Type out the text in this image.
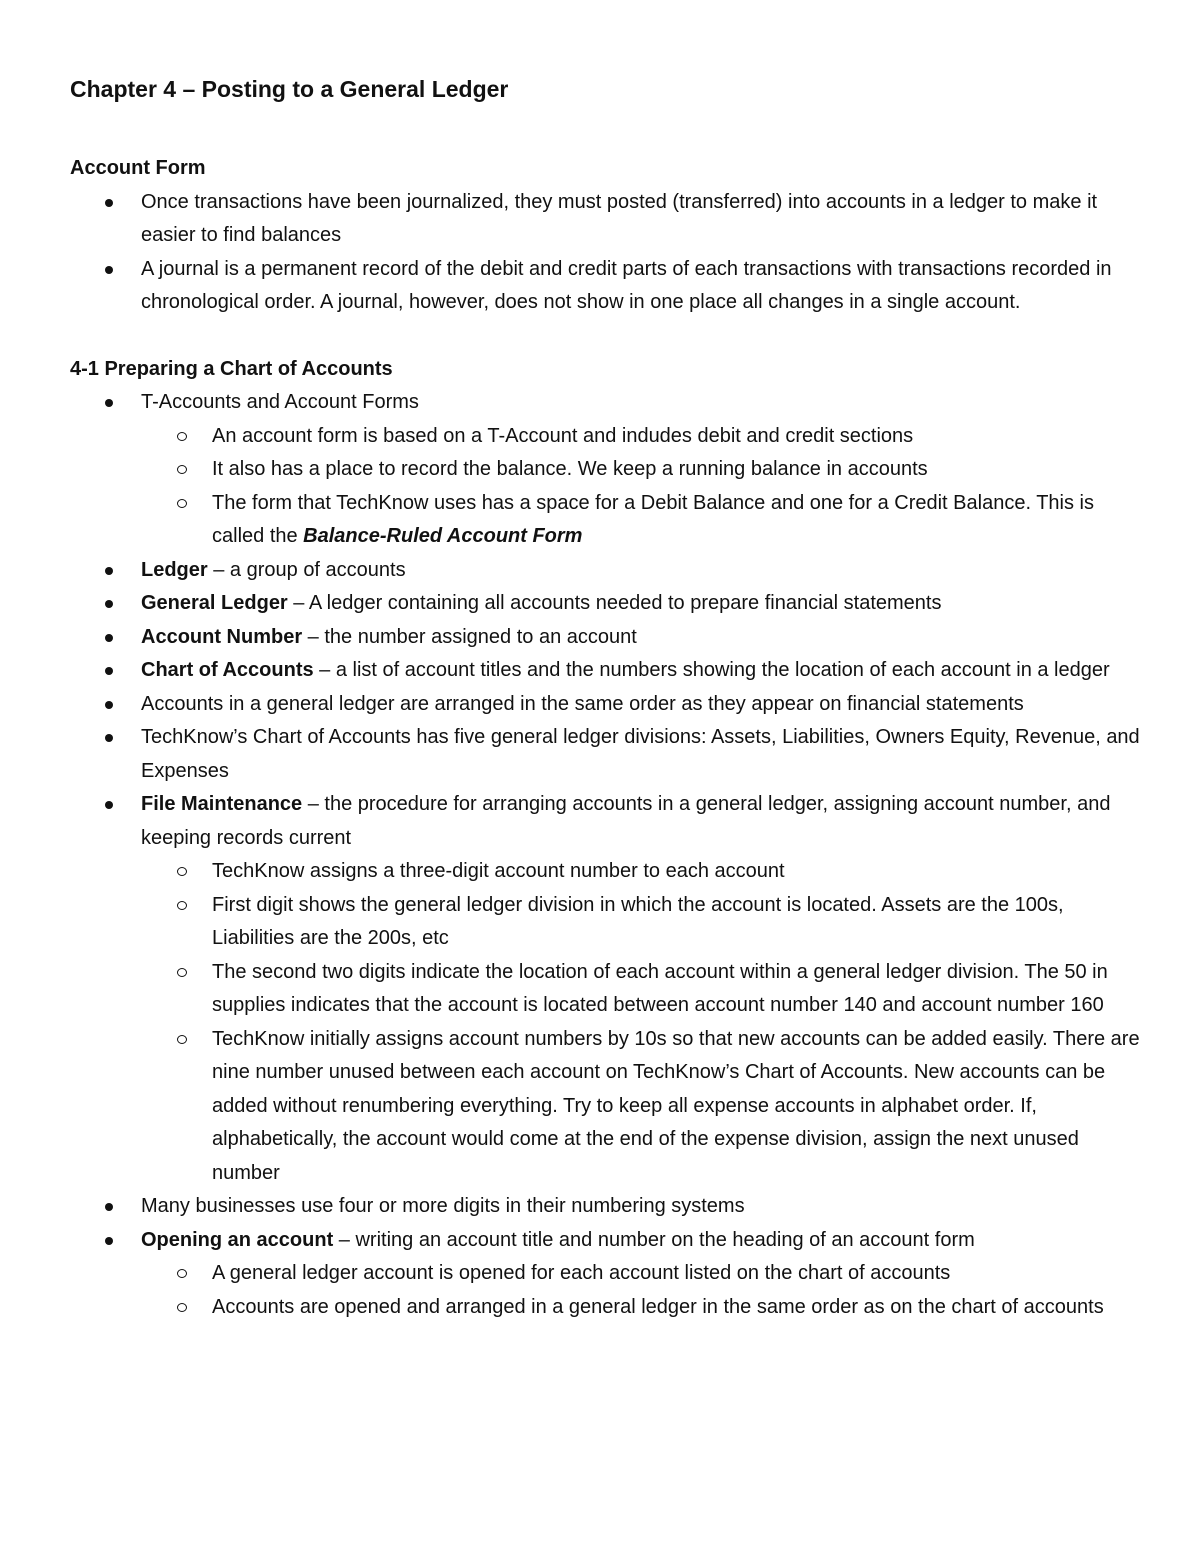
Chapter 4 – Posting to a General Ledger
Account Form
Once transactions have been journalized, they must posted (transferred) into accounts in a ledger to make it easier to find balances
A journal is a permanent record of the debit and credit parts of each transactions with transactions recorded in chronological order. A journal, however, does not show in one place all changes in a single account.
4-1 Preparing a Chart of Accounts
T-Accounts and Account Forms
An account form is based on a T-Account and indudes debit and credit sections
It also has a place to record the balance. We keep a running balance in accounts
The form that TechKnow uses has a space for a Debit Balance and one for a Credit Balance. This is called the Balance-Ruled Account Form
Ledger – a group of accounts
General Ledger – A ledger containing all accounts needed to prepare financial statements
Account Number – the number assigned to an account
Chart of Accounts – a list of account titles and the numbers showing the location of each account in a ledger
Accounts in a general ledger are arranged in the same order as they appear on financial statements
TechKnow’s Chart of Accounts has five general ledger divisions: Assets, Liabilities, Owners Equity, Revenue, and Expenses
File Maintenance – the procedure for arranging accounts in a general ledger, assigning account number, and keeping records current
TechKnow assigns a three-digit account number to each account
First digit shows the general ledger division in which the account is located. Assets are the 100s, Liabilities are the 200s, etc
The second two digits indicate the location of each account within a general ledger division. The 50 in supplies indicates that the account is located between account number 140 and account number 160
TechKnow initially assigns account numbers by 10s so that new accounts can be added easily. There are nine number unused between each account on TechKnow’s Chart of Accounts. New accounts can be added without renumbering everything. Try to keep all expense accounts in alphabet order. If, alphabetically, the account would come at the end of the expense division, assign the next unused number
Many businesses use four or more digits in their numbering systems
Opening an account – writing an account title and number on the heading of an account form
A general ledger account is opened for each account listed on the chart of accounts
Accounts are opened and arranged in a general ledger in the same order as on the chart of accounts
